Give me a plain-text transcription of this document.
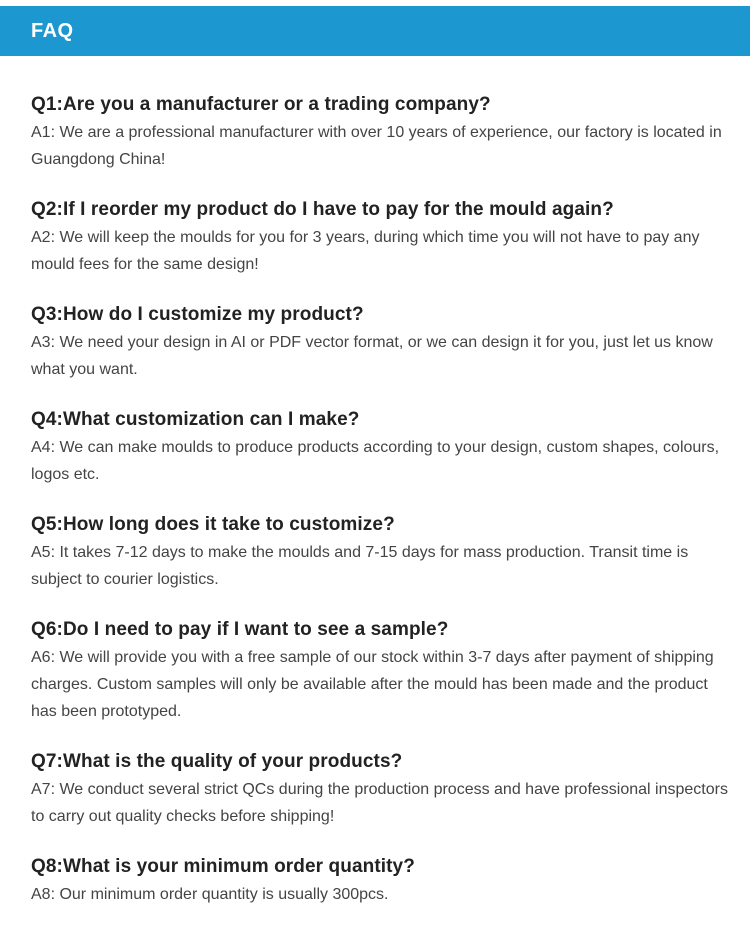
FAQ

Q1:Are you a manufacturer or a trading company?

A1: We are a professional manufacturer with over 10 years of experience, our factory is located in Guangdong China!

Q2:If I reorder my product do I have to pay for the mould again?

A2: We will keep the moulds for you for 3 years, during which time you will not have to pay any mould fees for the same design!

Q3:How do I customize my product?

A3: We need your design in AI or PDF vector format, or we can design it for you, just let us know what you want.

Q4:What customization can I make?

A4: We can make moulds to produce products according to your design, custom shapes, colours, logos etc.

Q5:How long does it take to customize?

A5: It takes 7-12 days to make the moulds and 7-15 days for mass production. Transit time is subject to courier logistics.

Q6:Do I need to pay if I want to see a sample?

A6: We will provide you with a free sample of our stock within 3-7 days after payment of shipping charges. Custom samples will only be available after the mould has been made and the product has been prototyped.

Q7:What is the quality of your products?

A7: We conduct several strict QCs during the production process and have professional inspectors to carry out quality checks before shipping!

Q8:What is your minimum order quantity?

A8: Our minimum order quantity is usually 300pcs.
